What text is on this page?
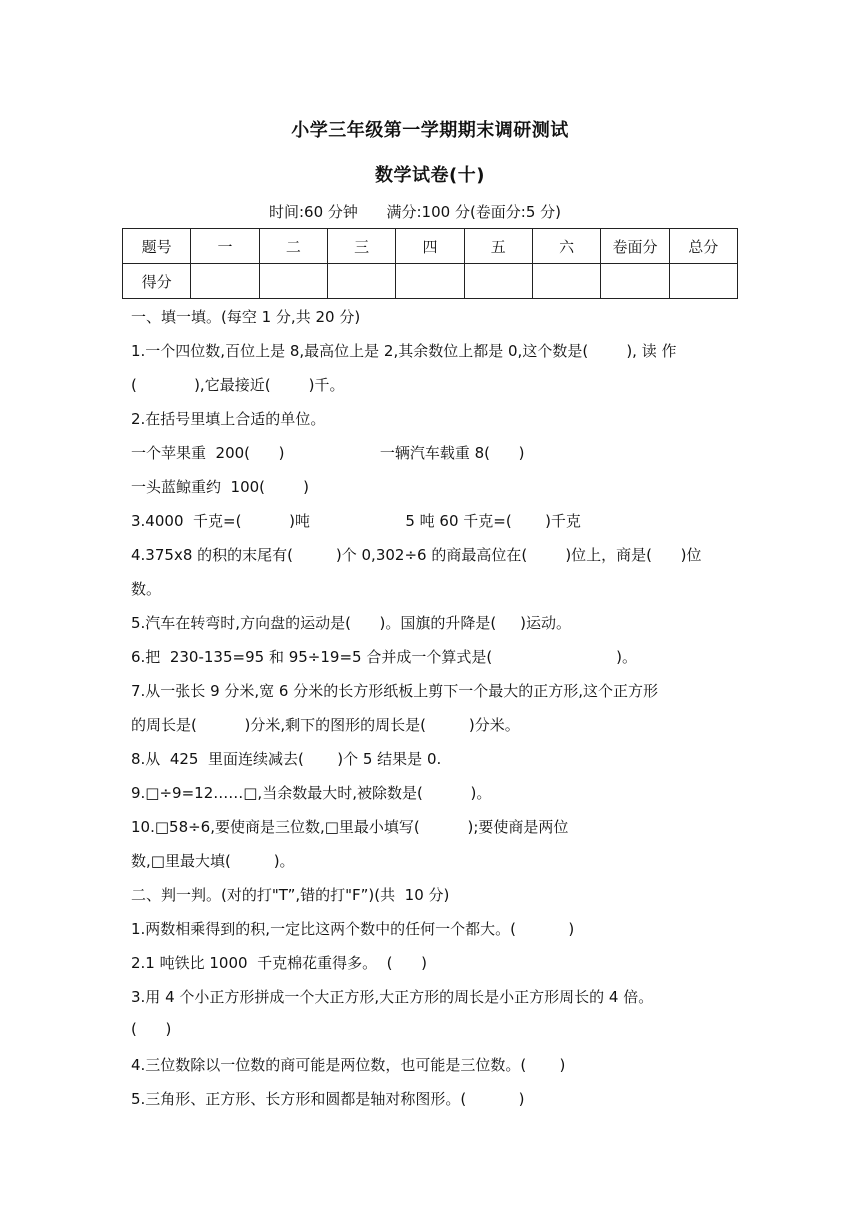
小学三年级第一学期期末调研测试
数学试卷(十)
时间:60 分钟      满分:100 分(卷面分:5 分)
题号	一	二	三	四	五	六	卷面分	总分
得分								
一、填一填。(每空 1 分,共 20 分)
1.一个四位数,百位上是 8,最高位上是 2,其余数位上都是 0,这个数是(        ), 读 作
(            ),它最接近(        )千。
2.在括号里填上合适的单位。
一个苹果重  200(      )                    一辆汽车载重 8(      )
一头蓝鲸重约  100(        )
3.4000  千克=(          )吨                    5 吨 60 千克=(       )千克
4.375x8 的积的末尾有(         )个 0,302÷6 的商最高位在(        )位上，商是(      )位
数。
5.汽车在转弯时,方向盘的运动是(      )。国旗的升降是(     )运动。
6.把  230-135=95 和 95÷19=5 合并成一个算式是(                          )。
7.从一张长 9 分米,宽 6 分米的长方形纸板上剪下一个最大的正方形,这个正方形
的周长是(          )分米,剩下的图形的周长是(         )分米。
8.从  425  里面连续减去(       )个 5 结果是 0.
9.□÷9=12……□,当余数最大时,被除数是(          )。
10.□58÷6,要使商是三位数,□里最小填写(          );要使商是两位
数,□里最大填(         )。
二、判一判。(对的打"T”,错的打"F”)(共  10 分)
1.两数相乘得到的积,一定比这两个数中的任何一个都大。(           )
2.1 吨铁比 1000  千克棉花重得多。  (      )
3.用 4 个小正方形拼成一个大正方形,大正方形的周长是小正方形周长的 4 倍。
(      )
4.三位数除以一位数的商可能是两位数，也可能是三位数。(       )
5.三角形、正方形、长方形和圆都是轴对称图形。(           )
